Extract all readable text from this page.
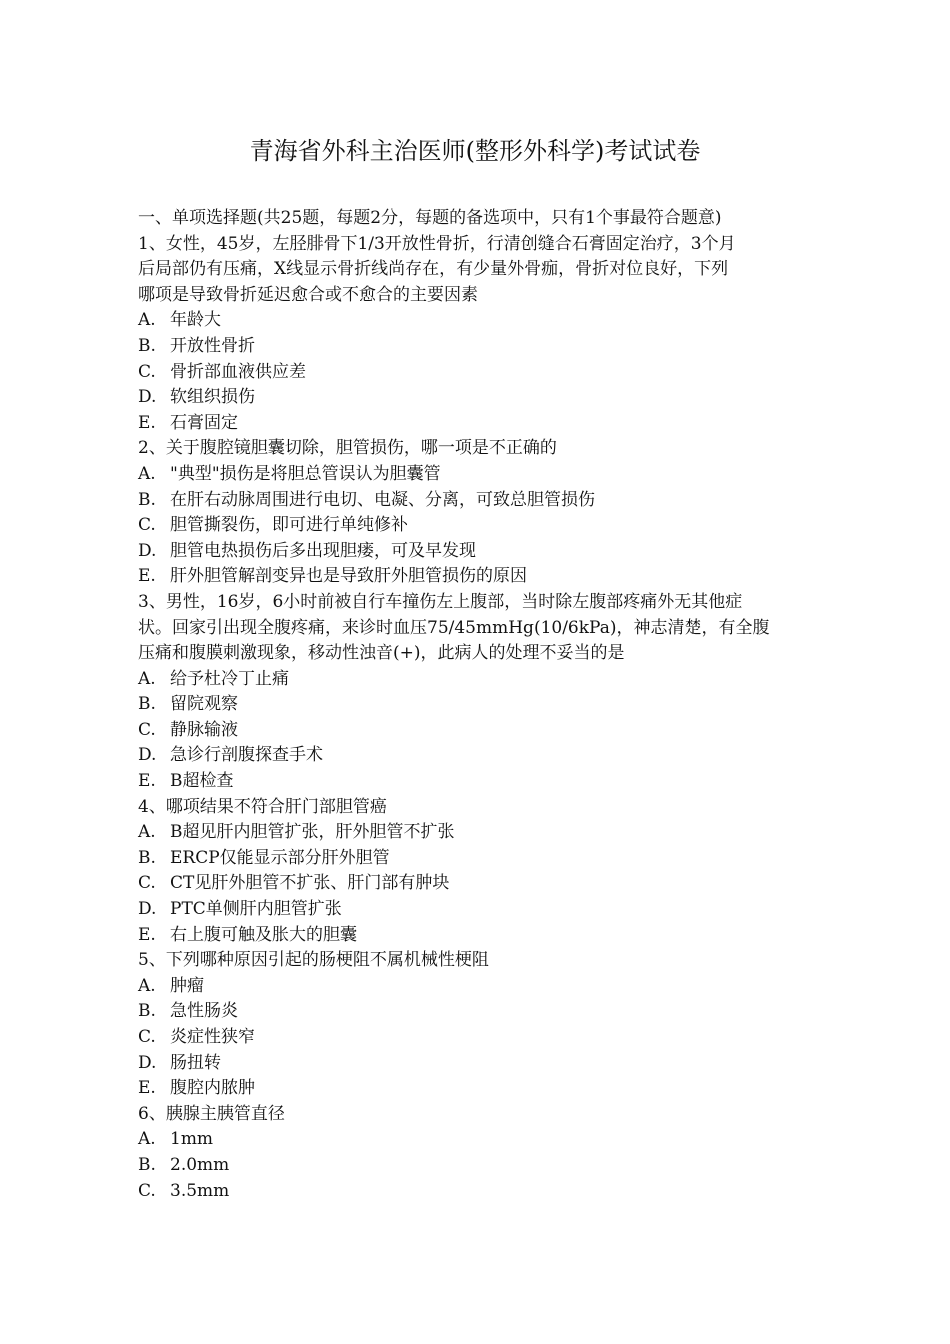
青海省外科主治医师(整形外科学)考试试卷
一、单项选择题(共25题，每题2分，每题的备选项中，只有1个事最符合题意)
1、女性，45岁，左胫腓骨下1/3开放性骨折，行清创缝合石膏固定治疗，3个月
后局部仍有压痛，X线显示骨折线尚存在，有少量外骨痂，骨折对位良好，下列
哪项是导致骨折延迟愈合或不愈合的主要因素
A. 年龄大
B. 开放性骨折
C. 骨折部血液供应差
D. 软组织损伤
E. 石膏固定
2、关于腹腔镜胆囊切除，胆管损伤，哪一项是不正确的
A. "典型"损伤是将胆总管误认为胆囊管
B. 在肝右动脉周围进行电切、电凝、分离，可致总胆管损伤
C. 胆管撕裂伤，即可进行单纯修补
D. 胆管电热损伤后多出现胆瘘，可及早发现
E. 肝外胆管解剖变异也是导致肝外胆管损伤的原因
3、男性，16岁，6小时前被自行车撞伤左上腹部，当时除左腹部疼痛外无其他症
状。回家引出现全腹疼痛，来诊时血压75/45mmHg(10/6kPa)，神志清楚，有全腹
压痛和腹膜刺激现象，移动性浊音(+)，此病人的处理不妥当的是
A. 给予杜冷丁止痛
B. 留院观察
C. 静脉输液
D. 急诊行剖腹探查手术
E. B超检查
4、哪项结果不符合肝门部胆管癌
A. B超见肝内胆管扩张，肝外胆管不扩张
B. ERCP仅能显示部分肝外胆管
C. CT见肝外胆管不扩张、肝门部有肿块
D. PTC单侧肝内胆管扩张
E. 右上腹可触及胀大的胆囊
5、下列哪种原因引起的肠梗阻不属机械性梗阻
A. 肿瘤
B. 急性肠炎
C. 炎症性狭窄
D. 肠扭转
E. 腹腔内脓肿
6、胰腺主胰管直径
A. 1mm
B. 2.0mm
C. 3.5mm
